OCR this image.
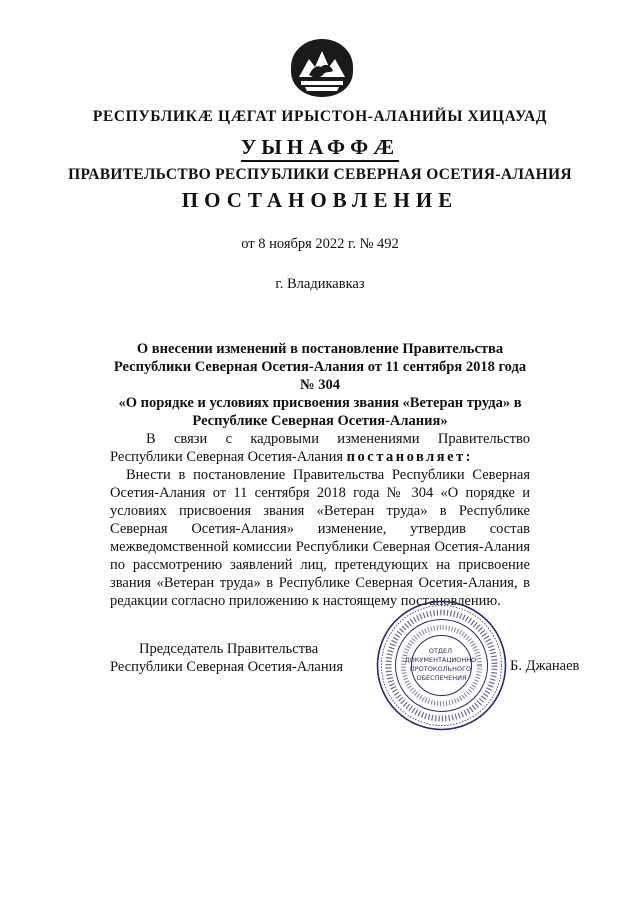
РЕСПУБЛИКӔ ЦӔГАТ ИРЫСТОН-АЛАНИЙЫ ХИЦАУАД
УЫНАФФӔ
ПРАВИТЕЛЬСТВО РЕСПУБЛИКИ СЕВЕРНАЯ ОСЕТИЯ-АЛАНИЯ
ПОСТАНОВЛЕНИЕ
от 8 ноября 2022 г. № 492
г. Владикавказ
О внесении изменений в постановление Правительства
Республики Северная Осетия-Алания от 11 сентября 2018 года № 304
«О порядке и условиях присвоения звания «Ветеран труда» в
Республике Северная Осетия-Алания»
В связи с кадровыми изменениями Правительство Республики Северная Осетия-Алания постановляет:
Внести в постановление Правительства Республики Северная Осетия-Алания от 11 сентября 2018 года № 304 «О порядке и условиях присвоения звания «Ветеран труда» в Республике Северная Осетия-Алания» изменение, утвердив состав межведомственной комиссии Республики Северная Осетия-Алания по рассмотрению заявлений лиц, претендующих на присвоение звания «Ветеран труда» в Республике Северная Осетия-Алания, в редакции согласно приложению к настоящему постановлению.
Председатель Правительства
Республики Северная Осетия-Алания
ОТДЕЛ ДОКУМЕНТАЦИОННО ПРОТОКОЛЬНОГО ОБЕСПЕЧЕНИЯ
Б. Джанаев
